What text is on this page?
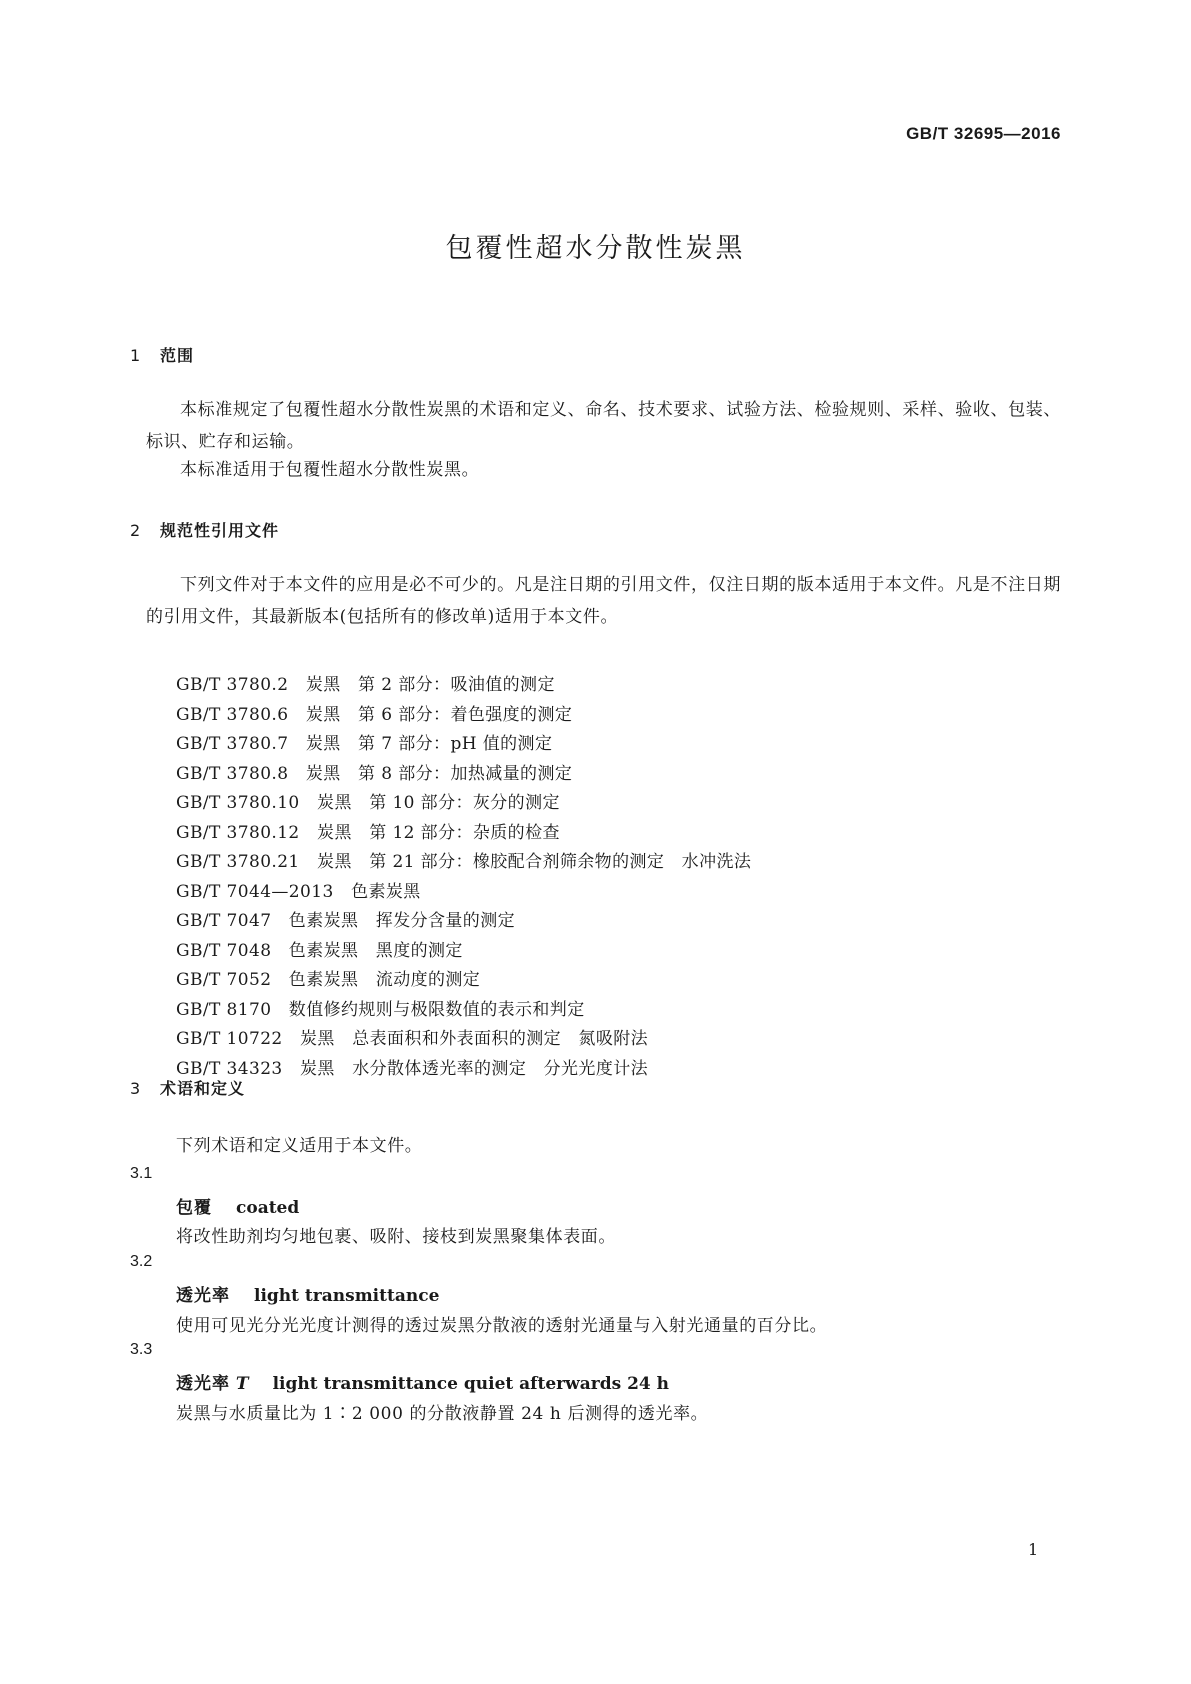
GB/T 32695—2016
包覆性超水分散性炭黑
1 范围
本标准规定了包覆性超水分散性炭黑的术语和定义、命名、技术要求、试验方法、检验规则、采样、验收、包装、标识、贮存和运输。
本标准适用于包覆性超水分散性炭黑。
2 规范性引用文件
下列文件对于本文件的应用是必不可少的。凡是注日期的引用文件，仅注日期的版本适用于本文件。凡是不注日期的引用文件，其最新版本(包括所有的修改单)适用于本文件。
GB/T 3780.2　炭黑　第 2 部分：吸油值的测定
GB/T 3780.6　炭黑　第 6 部分：着色强度的测定
GB/T 3780.7　炭黑　第 7 部分：pH 值的测定
GB/T 3780.8　炭黑　第 8 部分：加热减量的测定
GB/T 3780.10　炭黑　第 10 部分：灰分的测定
GB/T 3780.12　炭黑　第 12 部分：杂质的检查
GB/T 3780.21　炭黑　第 21 部分：橡胶配合剂筛余物的测定　水冲洗法
GB/T 7044—2013　色素炭黑
GB/T 7047　色素炭黑　挥发分含量的测定
GB/T 7048　色素炭黑　黑度的测定
GB/T 7052　色素炭黑　流动度的测定
GB/T 8170　数值修约规则与极限数值的表示和判定
GB/T 10722　炭黑　总表面积和外表面积的测定　氮吸附法
GB/T 34323　炭黑　水分散体透光率的测定　分光光度计法
3 术语和定义
下列术语和定义适用于本文件。
3.1
包覆 coated
将改性助剂均匀地包裹、吸附、接枝到炭黑聚集体表面。
3.2
透光率 light transmittance
使用可见光分光光度计测得的透过炭黑分散液的透射光通量与入射光通量的百分比。
3.3
透光率 T light transmittance quiet afterwards 24 h
炭黑与水质量比为 1∶2 000 的分散液静置 24 h 后测得的透光率。
1
